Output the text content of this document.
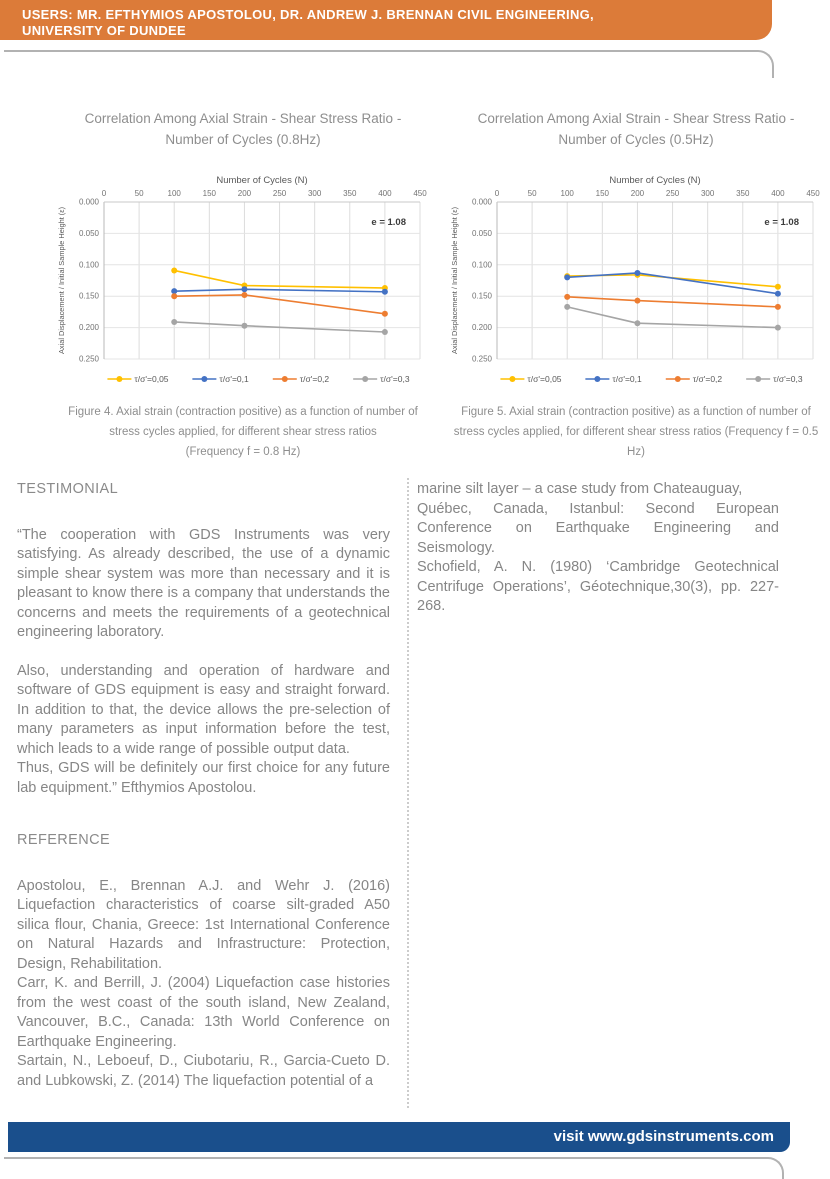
USERS: MR. EFTHYMIOS APOSTOLOU, DR. ANDREW J. BRENNAN CIVIL ENGINEERING,
UNIVERSITY OF DUNDEE
Correlation Among Axial Strain - Shear Stress Ratio -
Number of Cycles (0.8Hz)
Number of Cycles (N)
Axial Displacement / Initial Sample Height (ε)
0	50	100	150	200	250	300	350	400	450
0.000
0.050
0.100
0.150
0.200
0.250
e = 1.08
τ/σ'=0,05	τ/σ'=0,1	τ/σ'=0,2	τ/σ'=0,3
Figure 4. Axial strain (contraction positive) as a function of number of
stress cycles applied, for different shear stress ratios
(Frequency f = 0.8 Hz)
Correlation Among Axial Strain - Shear Stress Ratio -
Number of Cycles (0.5Hz)
Number of Cycles (N)
Axial Displacement / Initial Sample Height (ε)
0	50	100	150	200	250	300	350	400	450
0.000
0.050
0.100
0.150
0.200
0.250
e = 1.08
τ/σ'=0,05	τ/σ'=0,1	τ/σ'=0,2	τ/σ'=0,3
Figure 5. Axial strain (contraction positive) as a function of number of
stress cycles applied, for different shear stress ratios (Frequency f = 0.5
Hz)
TESTIMONIAL

“The cooperation with GDS Instruments was very satisfying. As already described, the use of a dynamic simple shear system was more than necessary and it is pleasant to know there is a company that understands the concerns and meets the requirements of a geotechnical engineering laboratory.

Also, understanding and operation of hardware and software of GDS equipment is easy and straight forward. In addition to that, the device allows the pre-selection of many parameters as input information before the test, which leads to a wide range of possible output data.

Thus, GDS will be definitely our first choice for any future lab equipment.” Efthymios Apostolou.

REFERENCE

Apostolou, E., Brennan A.J. and Wehr J. (2016) Liquefaction characteristics of coarse silt-graded A50 silica flour, Chania, Greece: 1st International Conference on Natural Hazards and Infrastructure: Protection, Design, Rehabilitation.

Carr, K. and Berrill, J. (2004) Liquefaction case histories from the west coast of the south island, New Zealand, Vancouver, B.C., Canada: 13th World Conference on Earthquake Engineering.

Sartain, N., Leboeuf, D., Ciubotariu, R., Garcia-Cueto D. and Lubkowski, Z. (2014) The liquefaction potential of a

marine silt layer – a case study from Chateauguay,

Québec, Canada, Istanbul: Second European Conference on Earthquake Engineering and Seismology.

Schofield, A. N. (1980) ‘Cambridge Geotechnical Centrifuge Operations’, Géotechnique,30(3), pp. 227-268.

visit www.gdsinstruments.com
